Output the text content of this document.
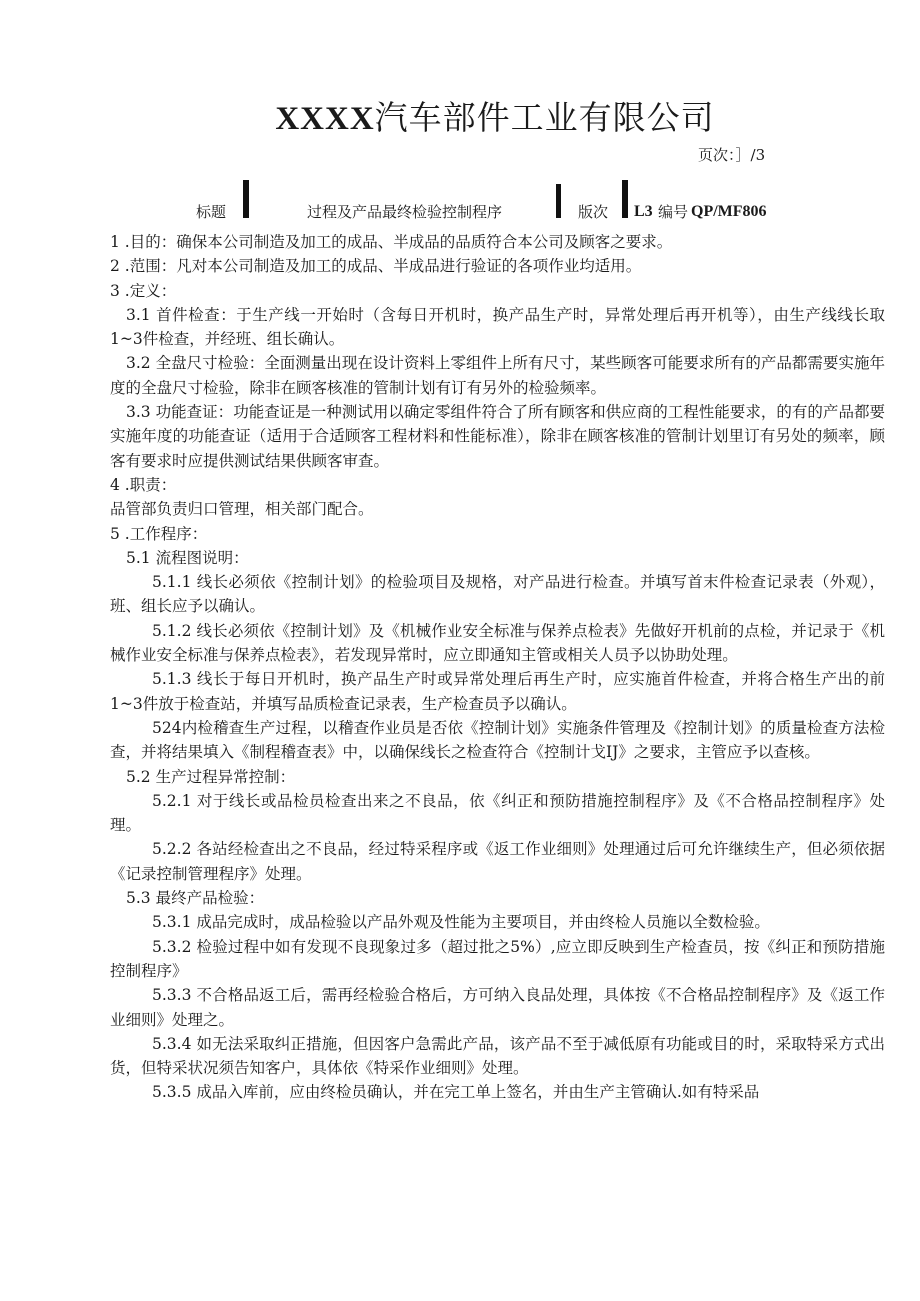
XXXX汽车部件工业有限公司
页次：］/3
标题	过程及产品最终检验控制程序	版次 L3 编号 QP/MF806

1 .目的：确保本公司制造及加工的成品、半成品的品质符合本公司及顾客之要求。

2 .范围：凡对本公司制造及加工的成品、半成品进行验证的各项作业均适用。

3 .定义：

3.1 首件检查：于生产线一开始时（含每日开机时，换产品生产时，异常处理后再开机等），由生产线线长取1~3件检查，并经班、组长确认。

3.2 全盘尺寸检验：全面测量出现在设计资料上零组件上所有尺寸，某些顾客可能要求所有的产品都需要实施年度的全盘尺寸检验，除非在顾客核准的管制计划有订有另外的检验频率。

3.3 功能查证：功能查证是一种测试用以确定零组件符合了所有顾客和供应商的工程性能要求，的有的产品都要实施年度的功能查证（适用于合适顾客工程材料和性能标准），除非在顾客核准的管制计划里订有另处的频率，顾客有要求时应提供测试结果供顾客审查。

4 .职责：

品管部负责归口管理，相关部门配合。

5 .工作程序：

5.1 流程图说明：

5.1.1 线长必须依《控制计划》的检验项目及规格，对产品进行检查。并填写首末件检查记录表（外观），班、组长应予以确认。

5.1.2 线长必须依《控制计划》及《机械作业安全标准与保养点检表》先做好开机前的点检，并记录于《机械作业安全标准与保养点检表》，若发现异常时，应立即通知主管或相关人员予以协助处理。

5.1.3 线长于每日开机时，换产品生产时或异常处理后再生产时，应实施首件检查，并将合格生产出的前1~3件放于检查站，并填写品质检查记录表，生产检查员予以确认。

524内检稽查生产过程，以稽查作业员是否依《控制计划》实施条件管理及《控制计划》的质量检查方法检查，并将结果填入《制程稽查表》中，以确保线长之检查符合《控制计戈IJ》之要求，主管应予以查核。

5.2 生产过程异常控制：

5.2.1 对于线长或品检员检查出来之不良品，依《纠正和预防措施控制程序》及《不合格品控制程序》处理。

5.2.2 各站经检查出之不良品，经过特采程序或《返工作业细则》处理通过后可允许继续生产，但必须依据《记录控制管理程序》处理。

5.3 最终产品检验：

5.3.1 成品完成时，成品检验以产品外观及性能为主要项目，并由终检人员施以全数检验。

5.3.2 检验过程中如有发现不良现象过多（超过批之5%）,应立即反映到生产检查员，按《纠正和预防措施控制程序》

5.3.3 不合格品返工后，需再经检验合格后，方可纳入良品处理，具体按《不合格品控制程序》及《返工作业细则》处理之。

5.3.4 如无法采取纠正措施，但因客户急需此产品，该产品不至于减低原有功能或目的时，采取特采方式出货，但特采状况须告知客户，具体依《特采作业细则》处理。

5.3.5 成品入库前，应由终检员确认，并在完工单上签名，并由生产主管确认.如有特采品
